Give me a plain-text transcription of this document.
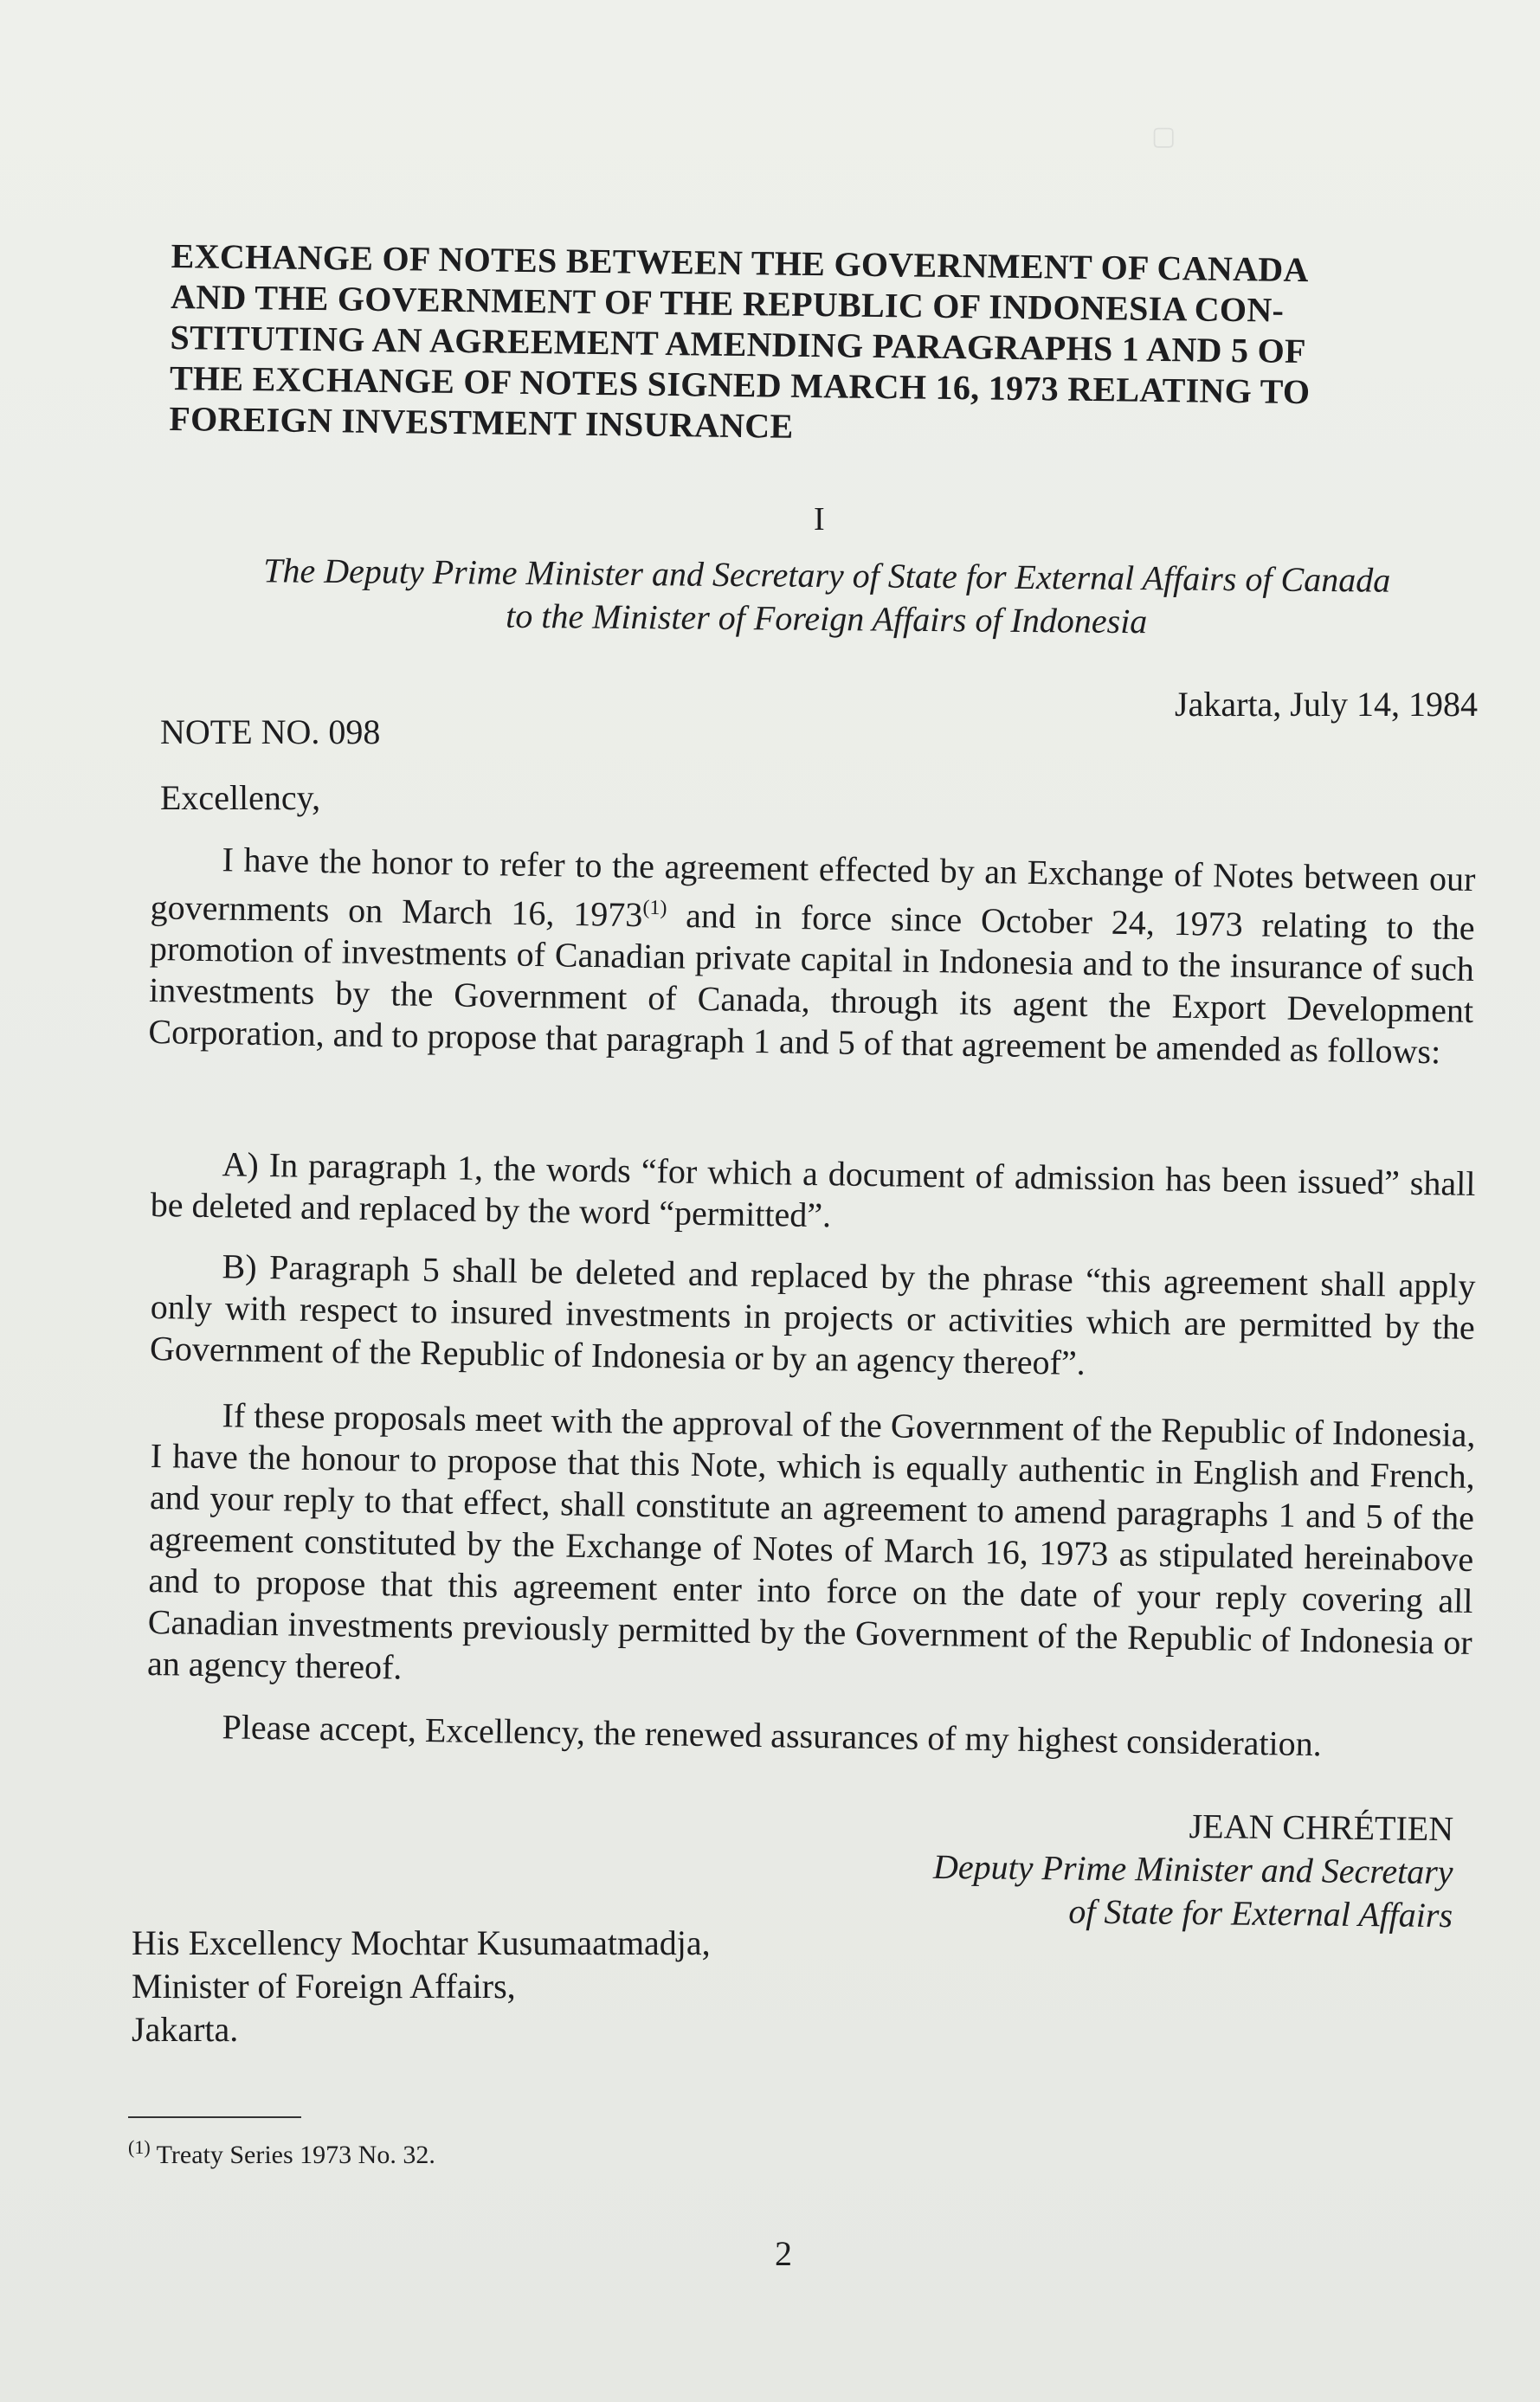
▢
EXCHANGE OF NOTES BETWEEN THE GOVERNMENT OF CANADA
AND THE GOVERNMENT OF THE REPUBLIC OF INDONESIA CON-
STITUTING AN AGREEMENT AMENDING PARAGRAPHS 1 AND 5 OF
THE EXCHANGE OF NOTES SIGNED MARCH 16, 1973 RELATING TO
FOREIGN INVESTMENT INSURANCE
I
The Deputy Prime Minister and Secretary of State for External Affairs of Canada
to the Minister of Foreign Affairs of Indonesia
Jakarta, July 14, 1984
NOTE NO. 098
Excellency,

I have the honor to refer to the agreement effected by an Exchange of Notes between our governments on March 16, 1973$^{(1)}$ and in force since October 24, 1973 relating to the promotion of investments of Canadian private capital in Indonesia and to the insurance of such investments by the Government of Canada, through its agent the Export Development Corporation, and to propose that paragraph 1 and 5 of that agreement be amended as follows:

A) In paragraph 1, the words “for which a document of admission has been issued” shall be deleted and replaced by the word “permitted”.

B) Paragraph 5 shall be deleted and replaced by the phrase “this agreement shall apply only with respect to insured investments in projects or activities which are permitted by the Government of the Republic of Indonesia or by an agency thereof”.

If these proposals meet with the approval of the Government of the Republic of Indonesia, I have the honour to propose that this Note, which is equally authentic in English and French, and your reply to that effect, shall constitute an agreement to amend paragraphs 1 and 5 of the agreement constituted by the Exchange of Notes of March 16, 1973 as stipulated hereinabove and to propose that this agreement enter into force on the date of your reply covering all Canadian investments previously permitted by the Government of the Republic of Indonesia or an agency thereof.

Please accept, Excellency, the renewed assurances of my highest consideration.

JEAN CHRÉTIEN
Deputy Prime Minister and Secretary
of State for External Affairs
His Excellency Mochtar Kusumaatmadja,
Minister of Foreign Affairs,
Jakarta.
$^{(1)}$ Treaty Series 1973 No. 32.
2
